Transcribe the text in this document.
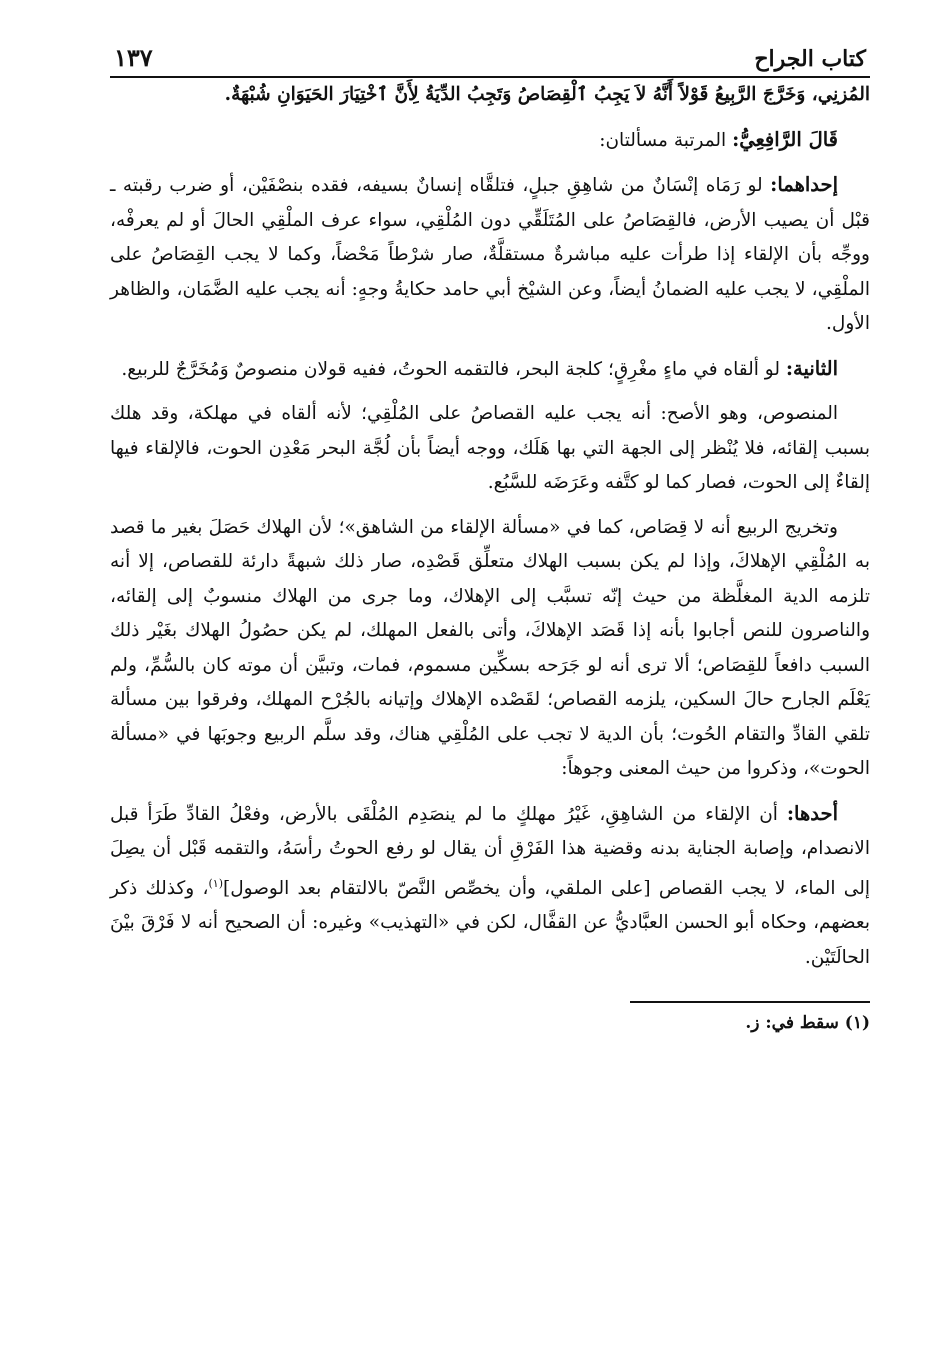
كتاب الجراح
١٣٧

المُزنِي، وَخَرَّجَ الرَّبِيعُ قَوْلاً أَنَّهُ لاَ يَجِبُ ٱلْقِصَاصُ وَتَجِبُ الدِّيَةُ لِأَنَّ ٱخْتِيَارَ الحَيَوَانِ شُبْهَةٌ.

قَالَ الرَّافِعِيُّ: المرتبة مسألتان:

إحداهما: لو رَمَاه إنْسَانٌ من شاهِقِ جبلٍ، فتلقَّاه إنسانٌ بسيفه، فقده بنصْفَيْن، أو ضرب رقبته ـ قبْل أن يصيب الأرض، فالقِصَاصُ على المُتَلَقِّي دون المُلْقِي، سواء عرف الملْقِي الحالَ أو لم يعرفْه، ووجِّه بأن الإلقاء إذا طرأت عليه مباشرةٌ مستقلَّةٌ، صار شرْطاً مَحْضاً، وكما لا يجب القِصَاصُ على الملْقِي، لا يجب عليه الضمانُ أيضاً، وعن الشيْخ أبي حامد حكايةُ وجهٍ: أنه يجب عليه الضَّمَان، والظاهر الأول.

الثانية: لو ألقاه في ماءٍ مغْرِقٍ؛ كلجة البحر، فالتقمه الحوتُ، ففيه قولان منصوصٌ وَمُخَرَّجٌ للربيع.

المنصوص، وهو الأصح: أنه يجب عليه القصاصُ على المُلْقِي؛ لأنه ألقاه في مهلكة، وقد هلك بسبب إلقائه، فلا يُنْظر إلى الجهة التي بها هَلَك، ووجه أيضاً بأن لُجَّة البحر مَعْدِن الحوت، فالإلقاء فيها إلقاءٌ إلى الحوت، فصار كما لو كتَّفه وعَرَضَه للسَّبُع.

وتخريج الربيع أنه لا قِصَاص، كما في «مسألة الإلقاء من الشاهق»؛ لأن الهلاك حَصَلَ بغير ما قصد به المُلْقِي الإهلاكَ، وإذا لم يكن بسبب الهلاك متعلِّق قَصْدِه، صار ذلك شبهةً دارئة للقصاص، إلا أنه تلزمه الدية المغلَّظة من حيث إنّه تسبَّب إلى الإهلاك، وما جرى من الهلاك منسوبٌ إلى إلقائه، والناصرون للنص أجابوا بأنه إذا قَصَد الإهلاكَ، وأتى بالفعل المهلك، لم يكن حصُولُ الهلاك بغَيْر ذلك السبب دافعاً للقِصَاص؛ ألا ترى أنه لو جَرَحه بسكِّين مسموم، فمات، وتبيَّن أن موته كان بالسُّمِّ، ولم يَعْلَم الجارح حالَ السكين، يلزمه القصاص؛ لقَصْده الإهلاك وإتيانه بالجُرْح المهلك، وفرقوا بين مسألة تلقي القادِّ والتقام الحُوت؛ بأن الدية لا تجب على المُلْقِي هناك، وقد سلَّم الربيع وجوبَها في «مسألة الحوت»، وذكروا من حيث المعنى وجوهاً:

أحدها: أن الإلقاء من الشاهِقِ، غَيْرُ مهلكٍ ما لم ينصَدِم المُلْقَى بالأرض، وفعْلُ القادِّ طَرَأ قبل الانصدام، وإصابة الجناية بدنه وقضية هذا الفَرْقِ أن يقال لو رفع الحوتُ رأسَهُ، والتقمه قَبْل أن يصِلَ إلى الماء، لا يجب القصاص [على الملقي، وأن يخصِّص النَّصّ بالالتقام بعد الوصول]$^{(١)}$، وكذلك ذكر بعضهم، وحكاه أبو الحسن العبَّاديُّ عن القفَّال، لكن في «التهذيب» وغيره: أن الصحيح أنه لا فَرْقَ بيْنَ الحالَتَيْن.

(١) سقط في: ز.
